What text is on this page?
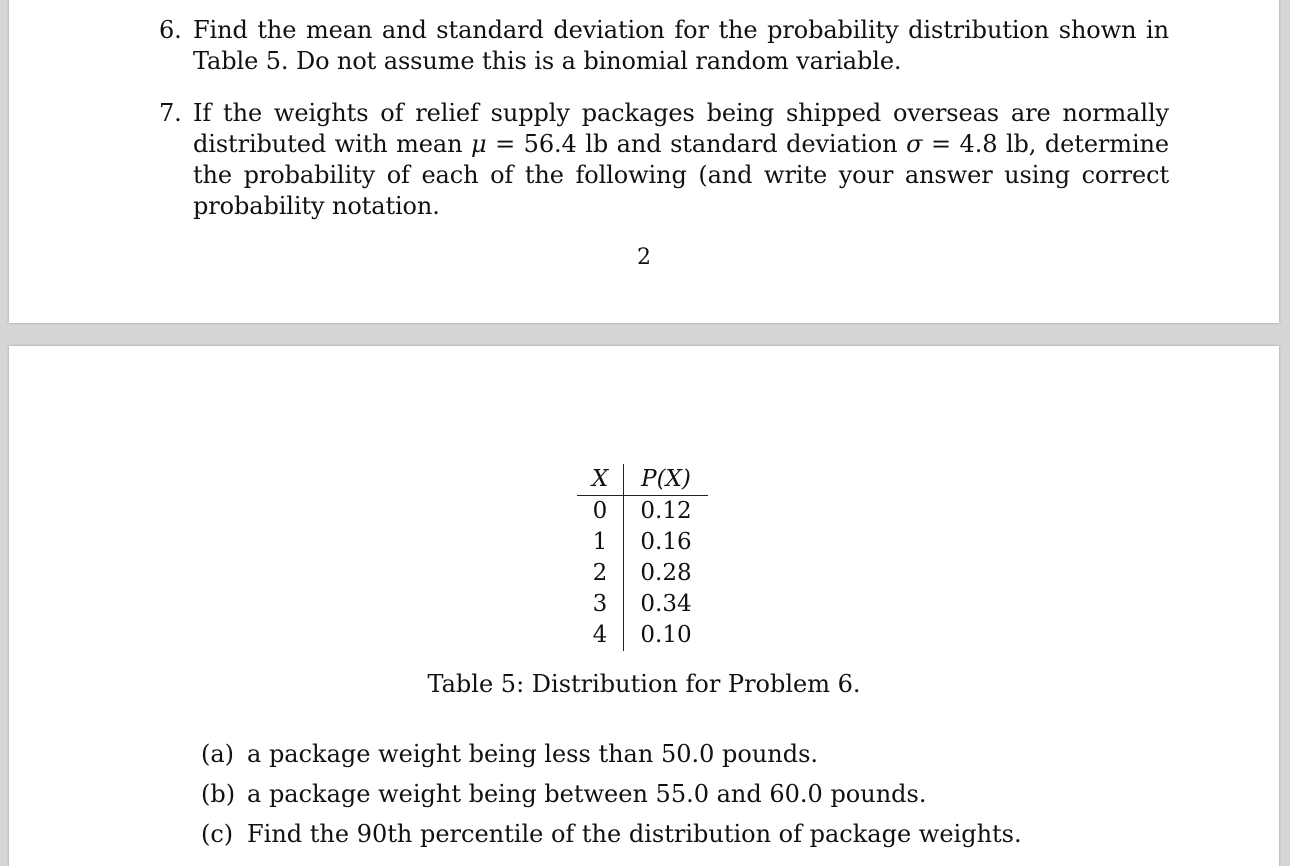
6. Find the mean and standard deviation for the probability distribution shown in Table 5. Do not assume this is a binomial random variable.
7. If the weights of relief supply packages being shipped overseas are normally distributed with mean μ = 56.4 lb and standard deviation σ = 4.8 lb, determine the probability of each of the following (and write your answer using correct probability notation.
2
X	P(X)
0	0.12
1	0.16
2	0.28
3	0.34
4	0.10
Table 5: Distribution for Problem 6.
(a) a package weight being less than 50.0 pounds.
(b) a package weight being between 55.0 and 60.0 pounds.
(c) Find the 90th percentile of the distribution of package weights.
